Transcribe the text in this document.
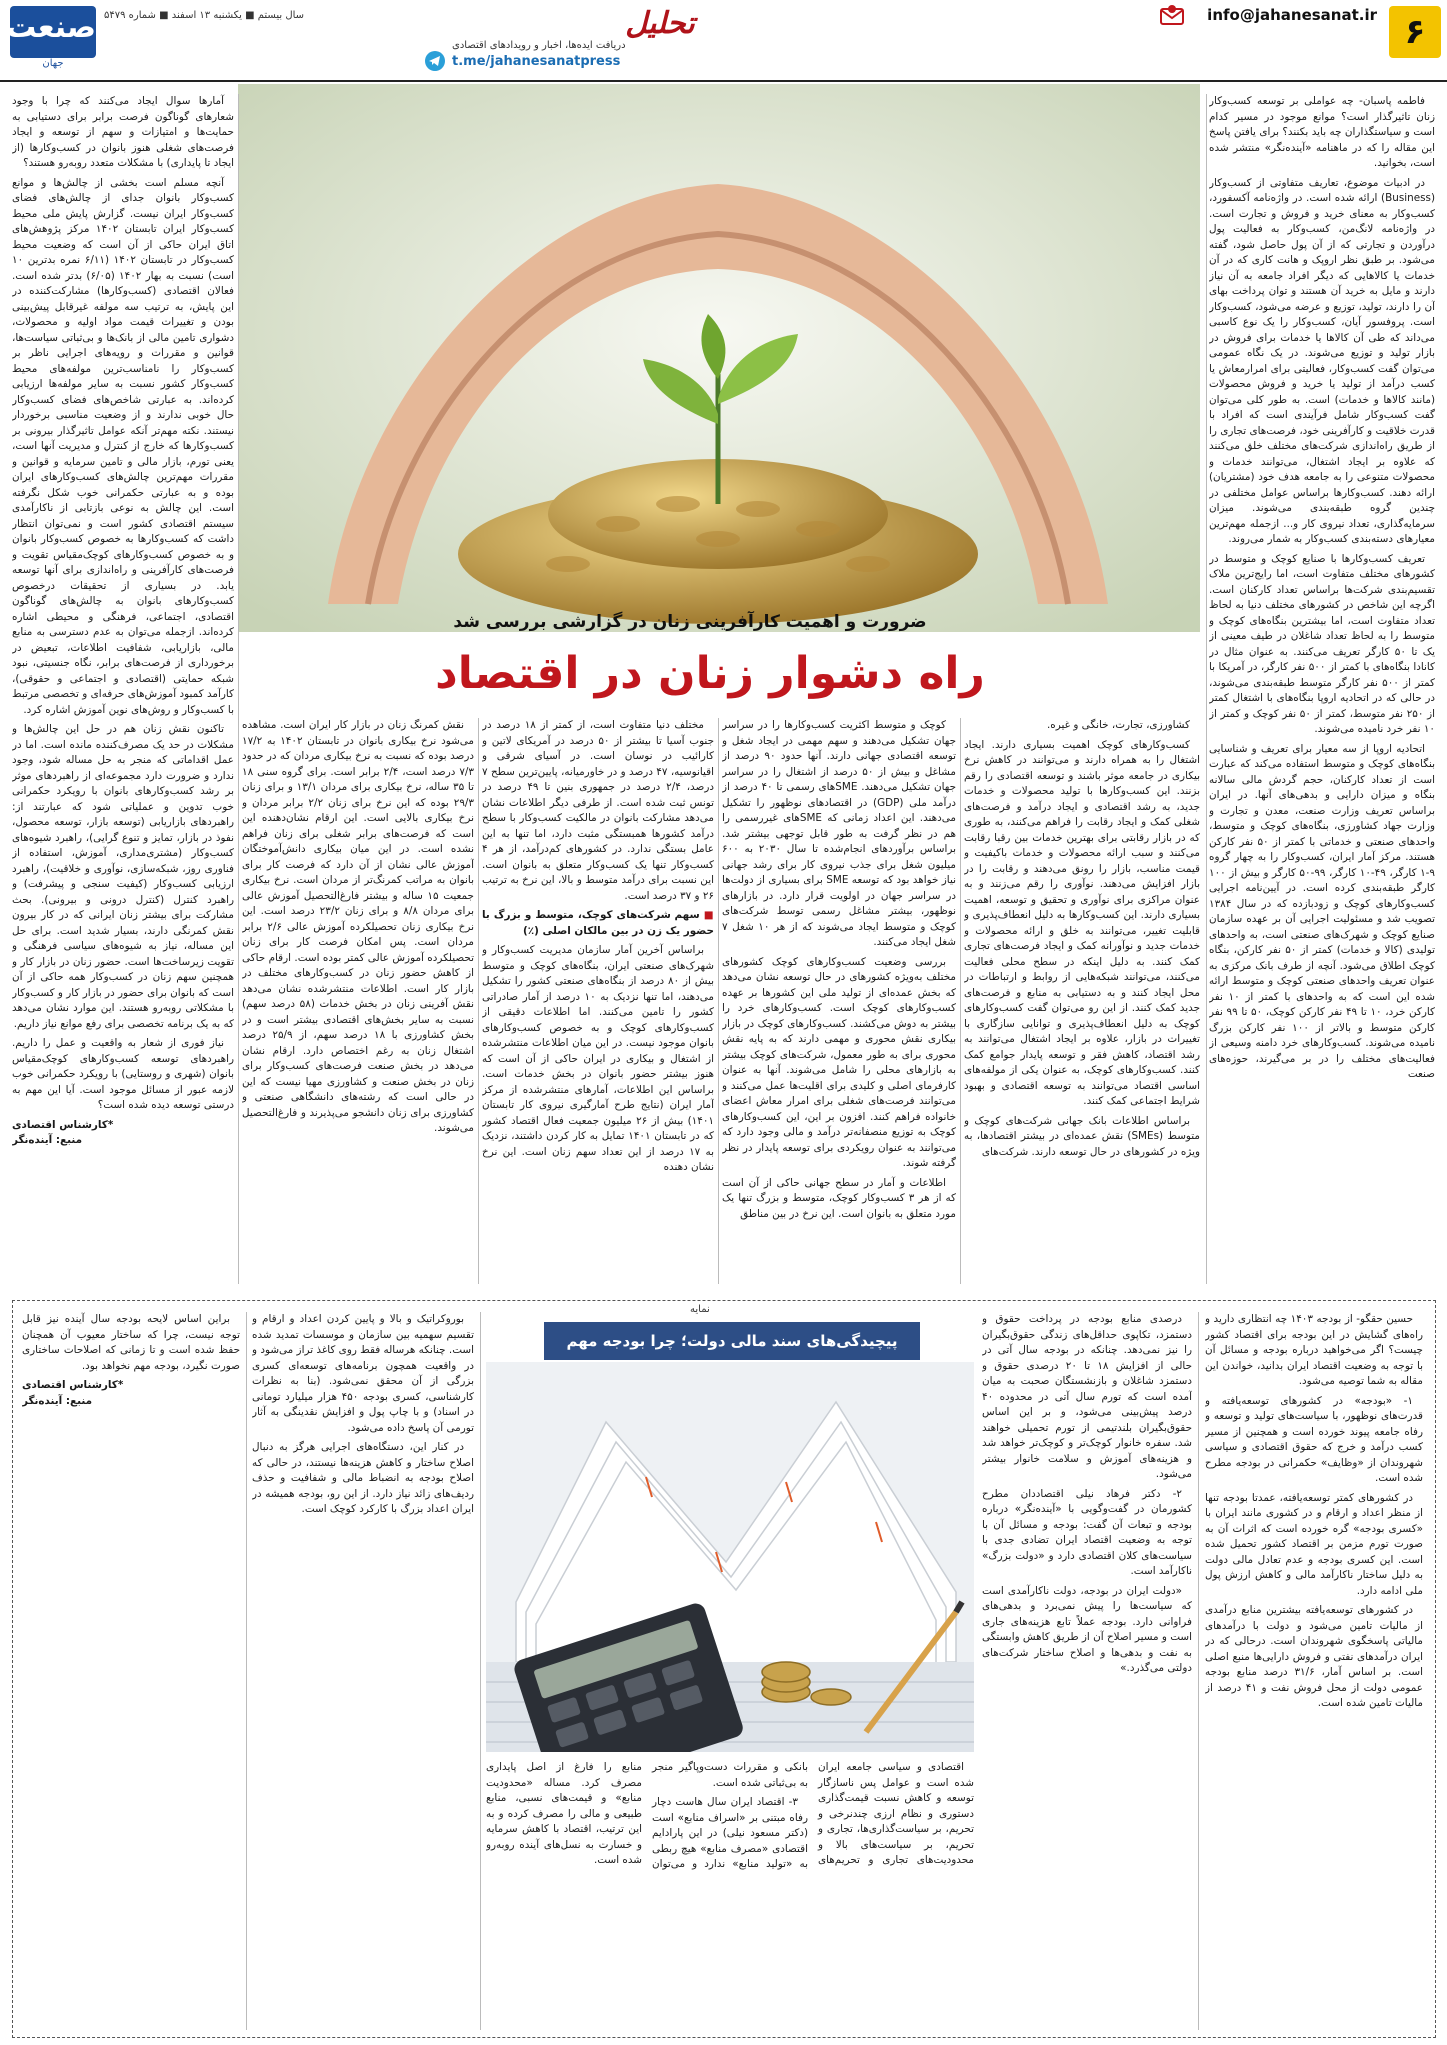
۶
info@jahanesanat.ir
تحلیل
دریافت ایده‌ها، اخبار و رویدادهای اقتصادی
t.me/jahanesanatpress
صنعت
جهان
سال بیستم ■ یکشنبه ۱۳ اسفند ■ شماره ۵۴۷۹

فاطمه پاسبان- چه عواملی بر توسعه کسب‌وکار زنان تاثیرگذار است؟ موانع موجود در مسیر کدام است و سیاستگذاران چه باید بکنند؟ برای یافتن پاسخ این مقاله را که در ماهنامه «آینده‌نگر» منتشر شده است، بخوانید.

در ادبیات موضوع، تعاریف متفاوتی از کسب‌وکار (Business) ارائه شده است. در واژه‌نامه آکسفورد، کسب‌وکار به معنای خرید و فروش و تجارت است. در واژه‌نامه لانگ‌من، کسب‌وکار به فعالیت پول درآوردن و تجارتی که از آن پول حاصل شود، گفته می‌شود. بر طبق نظر اروپک و هانت کاری که در آن خدمات یا کالاهایی که دیگر افراد جامعه به آن نیاز دارند و مایل به خرید آن هستند و توان پرداخت بهای آن را دارند، تولید، توزیع و عرضه می‌شود، کسب‌وکار است. پروفسور آیان، کسب‌وکار را یک نوع کاسبی می‌داند که طی آن کالاها یا خدمات برای فروش در بازار تولید و توزیع می‌شوند. در یک نگاه عمومی می‌توان گفت کسب‌وکار، فعالیتی برای امرارمعاش یا کسب درآمد از تولید یا خرید و فروش محصولات (مانند کالاها و خدمات) است. به طور کلی می‌توان گفت کسب‌وکار شامل فرآیندی است که افراد با قدرت خلاقیت و کارآفرینی خود، فرصت‌های تجاری را از طریق راه‌اندازی شرکت‌های مختلف خلق می‌کنند که علاوه بر ایجاد اشتغال، می‌توانند خدمات و محصولات متنوعی را به جامعه هدف خود (مشتریان) ارائه دهند. کسب‌وکارها براساس عوامل مختلفی در چندین گروه طبقه‌بندی می‌شوند. میزان سرمایه‌گذاری، تعداد نیروی کار و... ازجمله مهم‌ترین معیارهای دسته‌بندی کسب‌وکار به شمار می‌روند.

تعریف کسب‌وکارها با صنایع کوچک و متوسط در کشورهای مختلف متفاوت است، اما رایج‌ترین ملاک تقسیم‌بندی شرکت‌ها براساس تعداد کارکنان است. اگرچه این شاخص در کشورهای مختلف دنیا به لحاظ تعداد متفاوت است، اما بیشترین بنگاه‌های کوچک و متوسط را به لحاظ تعداد شاغلان در طیف معینی از یک تا ۵۰ کارگر تعریف می‌کنند. به عنوان مثال در کانادا بنگاه‌های با کمتر از ۵۰۰ نفر کارگر، در آمریکا با کمتر از ۵۰۰ نفر کارگر متوسط طبقه‌بندی می‌شوند، در حالی که در اتحادیه اروپا بنگاه‌های با اشتغال کمتر از ۲۵۰ نفر متوسط، کمتر از ۵۰ نفر کوچک و کمتر از ۱۰ نفر خرد نامیده می‌شوند.

اتحادیه اروپا از سه معیار برای تعریف و شناسایی بنگاه‌های کوچک و متوسط استفاده می‌کند که عبارت است از تعداد کارکنان، حجم گردش مالی سالانه بنگاه و میزان دارایی و بدهی‌های آنها. در ایران براساس تعریف وزارت صنعت، معدن و تجارت و وزارت جهاد کشاورزی، بنگاه‌های کوچک و متوسط، واحدهای صنعتی و خدماتی با کمتر از ۵۰ نفر کارکن هستند. مرکز آمار ایران، کسب‌وکار را به چهار گروه ۹-۱ کارگر، ۴۹-۱۰ کارگر، ۹۹-۵۰ کارگر و بیش از ۱۰۰ کارگر طبقه‌بندی کرده است. در آیین‌نامه اجرایی کسب‌وکارهای کوچک و زودبازده که در سال ۱۳۸۴ تصویب شد و مسئولیت اجرایی آن بر عهده سازمان صنایع کوچک و شهرک‌های صنعتی است، به واحدهای تولیدی (کالا و خدمات) کمتر از ۵۰ نفر کارکن، بنگاه کوچک اطلاق می‌شود. آنچه از طرف بانک مرکزی به عنوان تعریف واحدهای صنعتی کوچک و متوسط ارائه شده این است که به واحدهای با کمتر از ۱۰ نفر کارکن خرد، ۱۰ تا ۴۹ نفر کارکن کوچک، ۵۰ تا ۹۹ نفر کارکن متوسط و بالاتر از ۱۰۰ نفر کارکن بزرگ نامیده می‌شوند. کسب‌وکارهای خرد دامنه وسیعی از فعالیت‌های مختلف را در بر می‌گیرند، حوزه‌های صنعت

ضرورت و اهمیت کارآفرینی زنان در گزارشی بررسی شد
راه دشوار زنان در اقتصاد

آمارها سوال ایجاد می‌کنند که چرا با وجود شعارهای گوناگون فرصت برابر برای دستیابی به حمایت‌ها و امتیازات و سهم از توسعه و ایجاد فرصت‌های شغلی هنوز بانوان در کسب‌وکارها (از ایجاد تا پایداری) با مشکلات متعدد روبه‌رو هستند؟

آنچه مسلم است بخشی از چالش‌ها و موانع کسب‌وکار بانوان جدای از چالش‌های فضای کسب‌وکار ایران نیست. گزارش پایش ملی محیط کسب‌وکار ایران تابستان ۱۴۰۲ مرکز پژوهش‌های اتاق ایران حاکی از آن است که وضعیت محیط کسب‌وکار در تابستان ۱۴۰۲ (۶/۱۱ نمره بدترین ۱۰ است) نسبت به بهار ۱۴۰۲ (۶/۰۵) بدتر شده است. فعالان اقتصادی (کسب‌وکارها) مشارکت‌کننده در این پایش، به ترتیب سه مولفه غیرقابل پیش‌بینی بودن و تغییرات قیمت مواد اولیه و محصولات، دشواری تامین مالی از بانک‌ها و بی‌ثباتی سیاست‌ها، قوانین و مقررات و رویه‌های اجرایی ناظر بر کسب‌وکار را نامناسب‌ترین مولفه‌های محیط کسب‌وکار کشور نسبت به سایر مولفه‌ها ارزیابی کرده‌اند. به عبارتی شاخص‌های فضای کسب‌وکار حال خوبی ندارند و از وضعیت مناسبی برخوردار نیستند. نکته مهم‌تر آنکه عوامل تاثیرگذار بیرونی بر کسب‌وکارها که خارج از کنترل و مدیریت آنها است، یعنی تورم، بازار مالی و تامین سرمایه و قوانین و مقررات مهم‌ترین چالش‌های کسب‌وکارهای ایران بوده و به عبارتی حکمرانی خوب شکل نگرفته است. این چالش به نوعی بازتابی از ناکارآمدی سیستم اقتصادی کشور است و نمی‌توان انتظار داشت که کسب‌وکارها به خصوص کسب‌وکار بانوان و به خصوص کسب‌وکارهای کوچک‌مقیاس تقویت و فرصت‌های کارآفرینی و راه‌اندازی برای آنها توسعه یابد. در بسیاری از تحقیقات درخصوص کسب‌وکارهای بانوان به چالش‌های گوناگون اقتصادی، اجتماعی، فرهنگی و محیطی اشاره کرده‌اند. ازجمله می‌توان به عدم دسترسی به منابع مالی، بازاریابی، شفافیت اطلاعات، تبعیض در برخورداری از فرصت‌های برابر، نگاه جنسیتی، نبود شبکه حمایتی (اقتصادی و اجتماعی و حقوقی)، کارآمد کمبود آموزش‌های حرفه‌ای و تخصصی مرتبط با کسب‌وکار و روش‌های نوین آموزش اشاره کرد.

تاکنون نقش زنان هم در حل این چالش‌ها و مشکلات در حد یک مصرف‌کننده مانده است. اما در عمل اقداماتی که منجر به حل مساله شود، وجود ندارد و ضرورت دارد مجموعه‌ای از راهبردهای موثر بر رشد کسب‌وکارهای بانوان با رویکرد حکمرانی خوب تدوین و عملیاتی شود که عبارتند از: راهبردهای بازاریابی (توسعه بازار، توسعه محصول، نفوذ در بازار، تمایز و تنوع گرایی)، راهبرد شیوه‌های کسب‌وکار (مشتری‌مداری، آموزش، استفاده از فناوری روز، شبکه‌سازی، نوآوری و خلاقیت)، راهبرد ارزیابی کسب‌وکار (کیفیت سنجی و پیشرفت) و راهبرد کنترل (کنترل درونی و بیرونی). بحث مشارکت برای بیشتر زنان ایرانی که در کار بیرون نقش کمرنگی دارند، بسیار شدید است. برای حل این مساله، نیاز به شیوه‌های سیاسی فرهنگی و تقویت زیرساخت‌ها است. حضور زنان در بازار کار و همچنین سهم زنان در کسب‌وکار همه حاکی از آن است که بانوان برای حضور در بازار کار و کسب‌وکار با مشکلاتی روبه‌رو هستند. این موارد نشان می‌دهد که به یک برنامه تخصصی برای رفع موانع نیاز داریم.

نیاز فوری از شعار به واقعیت و عمل را داریم. راهبردهای توسعه کسب‌وکارهای کوچک‌مقیاس بانوان (شهری و روستایی) با رویکرد حکمرانی خوب لازمه عبور از مسائل موجود است. آیا این مهم به درستی توسعه دیده شده است؟

*کارشناس اقتصادی
منبع: آینده‌نگر

کشاورزی، تجارت، خانگی و غیره.

کسب‌وکارهای کوچک اهمیت بسیاری دارند. ایجاد اشتغال را به همراه دارند و می‌توانند در کاهش نرخ بیکاری در جامعه موثر باشند و توسعه اقتصادی را رقم بزنند. این کسب‌وکارها با تولید محصولات و خدمات جدید، به رشد اقتصادی و ایجاد درآمد و فرصت‌های شغلی کمک و ایجاد رقابت را فراهم می‌کنند، به طوری که در بازار رقابتی برای بهترین خدمات بین رقبا رقابت می‌کنند و سبب ارائه محصولات و خدمات باکیفیت و قیمت مناسب، بازار را رونق می‌دهند و رقابت را در بازار افزایش می‌دهند. نوآوری را رقم می‌زنند و به عنوان مراکزی برای نوآوری و تحقیق و توسعه، اهمیت بسیاری دارند. این کسب‌وکارها به دلیل انعطاف‌پذیری و قابلیت تغییر، می‌توانند به خلق و ارائه محصولات و خدمات جدید و نوآورانه کمک و ایجاد فرصت‌های تجاری کمک کنند. به دلیل اینکه در سطح محلی فعالیت می‌کنند، می‌توانند شبکه‌هایی از روابط و ارتباطات در محل ایجاد کنند و به دستیابی به منابع و فرصت‌های جدید کمک کنند. از این رو می‌توان گفت کسب‌وکارهای کوچک به دلیل انعطاف‌پذیری و توانایی سازگاری با تغییرات در بازار، علاوه بر ایجاد اشتغال می‌توانند به رشد اقتصاد، کاهش فقر و توسعه پایدار جوامع کمک کنند. کسب‌وکارهای کوچک، به عنوان یکی از مولفه‌های اساسی اقتصاد می‌توانند به توسعه اقتصادی و بهبود شرایط اجتماعی کمک کنند.

براساس اطلاعات بانک جهانی شرکت‌های کوچک و متوسط (SMEs) نقش عمده‌ای در بیشتر اقتصادها، به ویژه در کشورهای در حال توسعه دارند. شرکت‌های

کوچک و متوسط اکثریت کسب‌وکارها را در سراسر جهان تشکیل می‌دهند و سهم مهمی در ایجاد شغل و توسعه اقتصادی جهانی دارند. آنها حدود ۹۰ درصد از مشاغل و بیش از ۵۰ درصد از اشتغال را در سراسر جهان تشکیل می‌دهند. SMEهای رسمی تا ۴۰ درصد از درآمد ملی (GDP) در اقتصادهای نوظهور را تشکیل می‌دهند. این اعداد زمانی که SMEهای غیررسمی را هم در نظر گرفت به طور قابل توجهی بیشتر شد. براساس برآوردهای انجام‌شده تا سال ۲۰۳۰ به ۶۰۰ میلیون شغل برای جذب نیروی کار برای رشد جهانی نیاز خواهد بود که توسعه SME برای بسیاری از دولت‌ها در سراسر جهان در اولویت قرار دارد. در بازارهای نوظهور، بیشتر مشاغل رسمی توسط شرکت‌های کوچک و متوسط ایجاد می‌شوند که از هر ۱۰ شغل ۷ شغل ایجاد می‌کنند.

بررسی وضعیت کسب‌وکارهای کوچک کشورهای مختلف به‌ویژه کشورهای در حال توسعه نشان می‌دهد که بخش عمده‌ای از تولید ملی این کشورها بر عهده کسب‌وکارهای کوچک است. کسب‌وکارهای خرد را بیشتر به دوش می‌کشند. کسب‌وکارهای کوچک در بازار بیکاری نقش محوری و مهمی دارند که به پایه نقش محوری برای به طور معمول، شرکت‌های کوچک بیشتر به بازارهای محلی را شامل می‌شوند. آنها به عنوان کارفرمای اصلی و کلیدی برای اقلیت‌ها عمل می‌کنند و می‌توانند فرصت‌های شغلی برای امرار معاش اعضای خانواده فراهم کنند. افزون بر این، این کسب‌وکارهای کوچک به توزیع منصفانه‌تر درآمد و مالی وجود دارد که می‌توانند به عنوان رویکردی برای توسعه پایدار در نظر گرفته شوند.

اطلاعات و آمار در سطح جهانی حاکی از آن است که از هر ۳ کسب‌وکار کوچک، متوسط و بزرگ تنها یک مورد متعلق به بانوان است. این نرخ در بین مناطق

مختلف دنیا متفاوت است، از کمتر از ۱۸ درصد در جنوب آسیا تا بیشتر از ۵۰ درصد در آمریکای لاتین و کارائیب در نوسان است. در آسیای شرقی و اقیانوسیه، ۴۷ درصد و در خاورمیانه، پایین‌ترین سطح ۷ درصد، ۲/۴ درصد در جمهوری بنین تا ۴۹ درصد در تونس ثبت شده است. از طرفی دیگر اطلاعات نشان می‌دهد مشارکت بانوان در مالکیت کسب‌وکار با سطح درآمد کشورها همبستگی مثبت دارد، اما تنها به این عامل بستگی ندارد. در کشورهای کم‌درآمد، از هر ۴ کسب‌وکار تنها یک کسب‌وکار متعلق به بانوان است. این نسبت برای درآمد متوسط و بالا، این نرخ به ترتیب ۲۶ و ۳۷ درصد است.

■ سهم شرکت‌های کوچک، متوسط و بزرگ با حضور یک زن در بین مالکان اصلی (٪)

براساس آخرین آمار سازمان مدیریت کسب‌وکار و شهرک‌های صنعتی ایران، بنگاه‌های کوچک و متوسط بیش از ۸۰ درصد از بنگاه‌های صنعتی کشور را تشکیل می‌دهند، اما تنها نزدیک به ۱۰ درصد از آمار صادراتی کشور را تامین می‌کنند. اما اطلاعات دقیقی از کسب‌وکارهای کوچک و به خصوص کسب‌وکارهای بانوان موجود نیست. در این میان اطلاعات منتشرشده از اشتغال و بیکاری در ایران حاکی از آن است که هنوز بیشتر حضور بانوان در بخش خدمات است. براساس این اطلاعات، آمارهای منتشرشده از مرکز آمار ایران (نتایج طرح آمارگیری نیروی کار تابستان ۱۴۰۱) بیش از ۲۶ میلیون جمعیت فعال اقتصاد کشور که در تابستان ۱۴۰۱ تمایل به کار کردن داشتند، نزدیک به ۱۷ درصد از این تعداد سهم زنان است. این نرخ نشان دهنده

نقش کمرنگ زنان در بازار کار ایران است. مشاهده می‌شود نرخ بیکاری بانوان در تابستان ۱۴۰۲ به ۱۷/۲ درصد بوده که نسبت به نرخ بیکاری مردان که در حدود ۷/۳ درصد است، ۲/۴ برابر است. برای گروه سنی ۱۸ تا ۳۵ ساله، نرخ بیکاری برای مردان ۱۳/۱ و برای زنان ۲۹/۳ بوده که این نرخ برای زنان ۲/۲ برابر مردان و نرخ بیکاری بالایی است. این ارقام نشان‌دهنده این است که فرصت‌های برابر شغلی برای زنان فراهم نشده است. در این میان بیکاری دانش‌آموختگان آموزش عالی نشان از آن دارد که فرصت کار برای بانوان به مراتب کمرنگ‌تر از مردان است. نرخ بیکاری جمعیت ۱۵ ساله و بیشتر فارغ‌التحصیل آموزش عالی برای مردان ۸/۸ و برای زنان ۲۳/۲ درصد است. این نرخ بیکاری زنان تحصیلکرده آموزش عالی ۲/۶ برابر مردان است. پس امکان فرصت کار برای زنان تحصیلکرده آموزش عالی کمتر بوده است. ارقام حاکی از کاهش حضور زنان در کسب‌وکارهای مختلف در بازار کار است. اطلاعات منتشرشده نشان می‌دهد نقش آفرینی زنان در بخش خدمات (۵۸ درصد سهم) نسبت به سایر بخش‌های اقتصادی بیشتر است و در بخش کشاورزی با ۱۸ درصد سهم، از ۲۵/۹ درصد اشتغال زنان به رغم اختصاص دارد. ارقام نشان می‌دهد در بخش صنعت فرصت‌های کسب‌وکار برای زنان در بخش صنعت و کشاورزی مهیا نیست که این در حالی است که رشته‌های دانشگاهی صنعتی و کشاورزی برای زنان دانشجو می‌پذیرند و فارغ‌التحصیل می‌شوند.

نمایه
پیچیدگی‌های سند مالی دولت؛ چرا بودجه مهم

حسین حقگو- از بودجه ۱۴۰۳ چه انتظاری دارید و راه‌های گشایش در این بودجه برای اقتصاد کشور چیست؟ اگر می‌خواهید درباره بودجه و مسائل آن با توجه به وضعیت اقتصاد ایران بدانید، خواندن این مقاله به شما توصیه می‌شود.

۱- «بودجه» در کشورهای توسعه‌یافته و قدرت‌های نوظهور، با سیاست‌های تولید و توسعه و رفاه جامعه پیوند خورده است و همچنین از مسیر کسب درآمد و خرج که حقوق اقتصادی و سیاسی شهروندان از «وظایف» حکمرانی در بودجه مطرح شده است.

در کشورهای کمتر توسعه‌یافته، عمدتا بودجه تنها از منظر اعداد و ارقام و در کشوری مانند ایران با «کسری بودجه» گره خورده است که اثرات آن به صورت تورم مزمن بر اقتصاد کشور تحمیل شده است. این کسری بودجه و عدم تعادل مالی دولت به دلیل ساختار ناکارآمد مالی و کاهش ارزش پول ملی ادامه دارد.

در کشورهای توسعه‌یافته بیشترین منابع درآمدی از مالیات تامین می‌شود و دولت با درآمدهای مالیاتی پاسخگوی شهروندان است. درحالی که در ایران درآمدهای نفتی و فروش دارایی‌ها منبع اصلی است. بر اساس آمار، ۳۱/۶ درصد منابع بودجه عمومی دولت از محل فروش نفت و ۴۱ درصد از مالیات تامین شده است.

درصدی منابع بودجه در پرداخت حقوق و دستمزد، تکاپوی حداقل‌های زندگی حقوق‌بگیران را نیز نمی‌دهد. چنانکه در بودجه سال آتی در حالی از افزایش ۱۸ تا ۲۰ درصدی حقوق و دستمزد شاغلان و بازنشستگان صحبت به میان آمده است که تورم سال آتی در محدوده ۴۰ درصد پیش‌بینی می‌شود، و بر این اساس حقوق‌بگیران بلندتیمی از تورم تحمیلی خواهند شد. سفره خانوار کوچک‌تر و کوچک‌تر خواهد شد و هزینه‌های آموزش و سلامت خانوار بیشتر می‌شود.

۲- دکتر فرهاد نیلی اقتصاددان مطرح کشورمان در گفت‌وگویی با «آینده‌نگر» درباره بودجه و تبعات آن گفت: بودجه و مسائل آن با توجه به وضعیت اقتصاد ایران تضادی جدی با سیاست‌های کلان اقتصادی دارد و «دولت بزرگ» ناکارآمد است.

«دولت ایران در بودجه، دولت ناکارآمدی است که سیاست‌ها را پیش نمی‌برد و بدهی‌های فراوانی دارد. بودجه عملاً تابع هزینه‌های جاری است و مسیر اصلاح آن از طریق کاهش وابستگی به نفت و بدهی‌ها و اصلاح ساختار شرکت‌های دولتی می‌گذرد.»

اقتصادی و سیاسی جامعه ایران شده است و عوامل پس ناسازگار توسعه و کاهش نسبت قیمت‌گذاری دستوری و نظام ارزی چندنرخی و تحریم، بر سیاست‌گذاری‌ها، تجاری و تحریم، بر سیاست‌های بالا و محدودیت‌های تجاری و تحریم‌های بانکی و مقررات دست‌وپاگیر منجر به بی‌ثباتی شده است.

۳- اقتصاد ایران سال هاست دچار رفاه مبتنی بر «اسراف منابع» است (دکتر مسعود نیلی) در این پارادایم اقتصادی «مصرف منابع» هیچ ربطی به «تولید منابع» ندارد و می‌توان منابع را فارغ از اصل پایداری مصرف کرد. مساله «محدودیت منابع» و قیمت‌های نسبی، منابع طبیعی و مالی را مصرف کرده و به این ترتیب، اقتصاد با کاهش سرمایه و خسارت به نسل‌های آینده روبه‌رو شده است.

بوروکراتیک و بالا و پایین کردن اعداد و ارقام و تقسیم سهمیه بین سازمان و موسسات تمدید شده است. چنانکه هرساله فقط روی کاغذ تراز می‌شود و در واقعیت همچون برنامه‌های توسعه‌ای کسری بزرگی از آن محقق نمی‌شود. (بنا به نظرات کارشناسی، کسری بودجه ۴۵۰ هزار میلیارد تومانی در اسناد) و با چاپ پول و افزایش نقدینگی به آثار تورمی آن پاسخ داده می‌شود.

در کنار این، دستگاه‌های اجرایی هرگز به دنبال اصلاح ساختار و کاهش هزینه‌ها نیستند، در حالی که اصلاح بودجه به انضباط مالی و شفافیت و حذف ردیف‌های زائد نیاز دارد. از این رو، بودجه همیشه در ایران اعداد بزرگ با کارکرد کوچک است.

براین اساس لایحه بودجه سال آینده نیز قابل توجه نیست، چرا که ساختار معیوب آن همچنان حفظ شده است و تا زمانی که اصلاحات ساختاری صورت نگیرد، بودجه مهم نخواهد بود.

*کارشناس اقتصادی
منبع: آینده‌نگر
